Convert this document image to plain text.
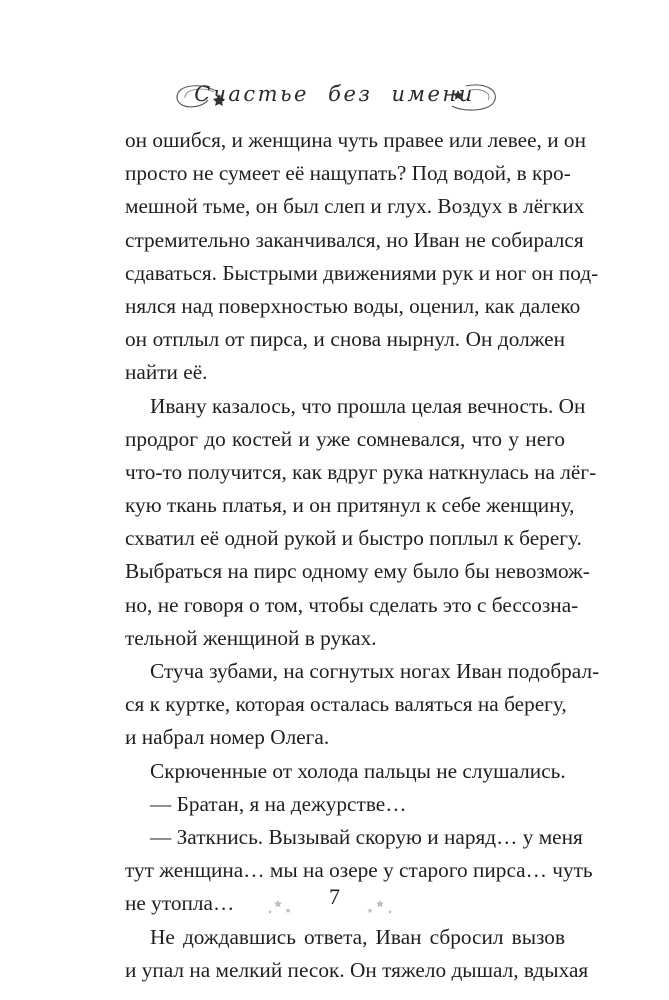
Счастье без имени
он ошибся, и женщина чуть правее или левее, и он
просто не сумеет её нащупать? Под водой, в кро-
мешной тьме, он был слеп и глух. Воздух в лёгких
стремительно заканчивался, но Иван не собирался
сдаваться. Быстрыми движениями рук и ног он под-
нялся над поверхностью воды, оценил, как далеко
он отплыл от пирса, и снова нырнул. Он должен
найти её.
Ивану казалось, что прошла целая вечность. Он
продрог до костей и уже сомневался, что у него
что-то получится, как вдруг рука наткнулась на лёг-
кую ткань платья, и он притянул к себе женщину,
схватил её одной рукой и быстро поплыл к берегу.
Выбраться на пирс одному ему было бы невозмож-
но, не говоря о том, чтобы сделать это с бессозна-
тельной женщиной в руках.
Стуча зубами, на согнутых ногах Иван подобрал-
ся к куртке, которая осталась валяться на берегу,
и набрал номер Олега.
Скрюченные от холода пальцы не слушались.
— Братан, я на дежурстве…
— Заткнись. Вызывай скорую и наряд… у меня
тут женщина… мы на озере у старого пирса… чуть
не утопла…
Не дождавшись ответа, Иван сбросил вызов
и упал на мелкий песок. Он тяжело дышал, вдыхая
7
